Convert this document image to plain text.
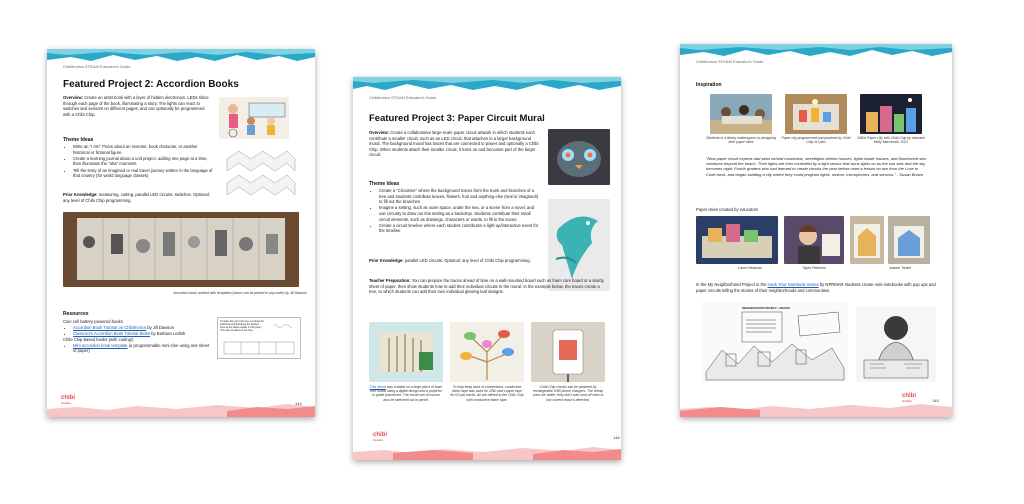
Chibitronics STEAM Educator's Guide
Featured Project 2: Accordion Books
Overview: Create an artist book with a layer of hidden electronics. LEDs shine through each page of the book, illuminating a story. The lights can react to switches and sensors on different pages, and can optionally be programmed with a Chibi Chip.
Theme Ideas
• Write an "I Am" Poem about an inventor, book character, or another historical or fictional figure
• Create a learning journal about a unit project, adding one page at a time, then illuminate the "aha" moments
• Tell the story of an imagined or real travel journey written in the language of that country (for world language classes)
Prior Knowledge: measuring, cutting, parallel LED circuits, switches. Optional: any level of Chibi Chip programming.
Accordion book created with templates (which can be placed in any order) by Jill Dawson
Resources
Coin cell battery-powered books
• Accordion Book Tutorial on Chibitronics by Jill Dawson
• Classroom Accordion Book Tutorial slides by Barbara Lodish
Chibi Chip-based books (with coding!)
• Mini accordion book template (a programmable mini-zine using one sheet of paper)
To make this your mini-zine, cut along the solid lines and fold along the dashed lines as the slides explain on this page. Then die-cut paths on the lines.
chibi
tronics	144
Chibitronics STEAM Educator's Guide
Featured Project 3: Paper Circuit Mural
Overview: Create a collaborative large-scale paper circuit artwork in which students each contribute a smaller circuit, such as an LED circuit, that attaches to a larger background mural. The background mural has traces that are connected to power and optionally a Chibi Chip. When students attach their smaller circuit, it turns on and becomes part of the larger circuit.
Theme Ideas
• Create a "Circuitree" where the background traces form the trunk and branches of a tree and students contribute leaves, flowers, fruit and anything else (real or imagined!) to fill out the branches
• Imagine a setting, such as outer space, under the sea, or a scene from a novel, and use circuitry to draw out this setting as a backdrop. Students contribute their small circuit elements, such as drawings, characters or words, to fill in the scene.
• Create a circuit timeline where each student contributes a light-up/interactive event for the timeline
Prior Knowledge: parallel LED circuits. Optional: any level of Chibi Chip programming.
Teacher Preparation: You can prepare the traces ahead of time on a wall-mounted board such as foam core board or a sturdy sheet of paper, then show students how to add their individual circuits to the mural. In the example below, the traces create a tree, to which students can add their own individual glowing leaf designs.
This circuit was created on a large piece of foam core board using a digital design and a projector to guide placement. The circuit can of course also be sketched out in pencil.
To help keep track of connections, conductive fabric tape was used for GND and copper tape for I/O pin traces. All are affixed to the Chibi Chip with conductive fabric tape.
Chibi Chip circuits can be powered by rechargeable USB phone chargers. The cheap ones are better, they don't auto shut off when a low current draw is detected.
chibi
tronics	146
Chibitronics STEAM Educator's Guide
Inspiration
Students in a library makerspace co-designing their paper cities
Paper city programmed and powered by Chibi Chip I/O pins
1960s Paper City with Chibi Chip by educator Molly Marcewski, 2021
"New paper circuit experts add stars behind mountains, streetlights behind houses, lights inside houses, and fluorescent sea creatures beyond the beach. Their lights are then controlled by a light sensor that turns lights on as the sun sets and the sky becomes night. Fourth graders who had learned to create circuits the year before used a lesson on two from the Love to Code book, and began building a city where they could program lights, motors, microphones, and sensors." - Susan Brown
Paper cities created by educators
Lance Newman	Taylor Petersen	Joanne Tankel
In the My Neighborhood Project in the Hack Your Notebook Series by NPRMAR students create mini-notebooks with pop ups and paper circuits telling the stories of their neighborhoods and communities.
NEIGHBORHOOD PROJECT + DESIGN
chibi
tronics	145
